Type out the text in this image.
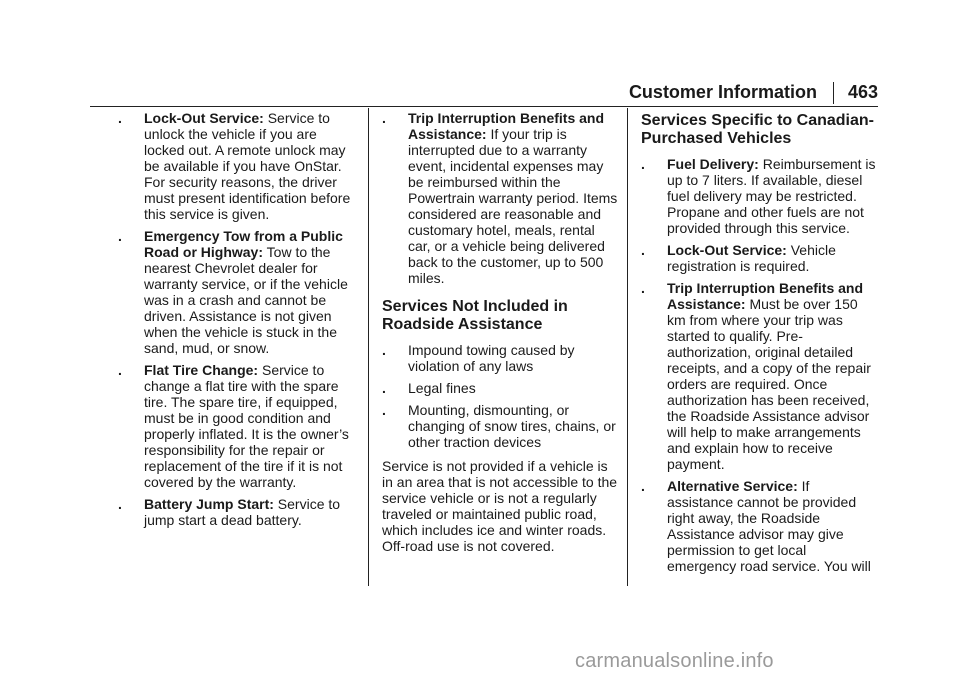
Customer Information 463
. Lock-Out Service: Service to unlock the vehicle if you are locked out. A remote unlock may be available if you have OnStar. For security reasons, the driver must present identification before this service is given.
. Emergency Tow from a Public Road or Highway: Tow to the nearest Chevrolet dealer for warranty service, or if the vehicle was in a crash and cannot be driven. Assistance is not given when the vehicle is stuck in the sand, mud, or snow.
. Flat Tire Change: Service to change a flat tire with the spare tire. The spare tire, if equipped, must be in good condition and properly inflated. It is the owner’s responsibility for the repair or replacement of the tire if it is not covered by the warranty.
. Battery Jump Start: Service to jump start a dead battery.
. Trip Interruption Benefits and Assistance: If your trip is interrupted due to a warranty event, incidental expenses may be reimbursed within the Powertrain warranty period. Items considered are reasonable and customary hotel, meals, rental car, or a vehicle being delivered back to the customer, up to 500 miles.
Services Not Included in Roadside Assistance
. Impound towing caused by violation of any laws
. Legal fines
. Mounting, dismounting, or changing of snow tires, chains, or other traction devices

Service is not provided if a vehicle is in an area that is not accessible to the service vehicle or is not a regularly traveled or maintained public road, which includes ice and winter roads. Off-road use is not covered.

Services Specific to Canadian-Purchased Vehicles
. Fuel Delivery: Reimbursement is up to 7 liters. If available, diesel fuel delivery may be restricted. Propane and other fuels are not provided through this service.
. Lock-Out Service: Vehicle registration is required.
. Trip Interruption Benefits and Assistance: Must be over 150 km from where your trip was started to qualify. Pre-authorization, original detailed receipts, and a copy of the repair orders are required. Once authorization has been received, the Roadside Assistance advisor will help to make arrangements and explain how to receive payment.
. Alternative Service: If assistance cannot be provided right away, the Roadside Assistance advisor may give permission to get local emergency road service. You will
carmanualsonline.info
